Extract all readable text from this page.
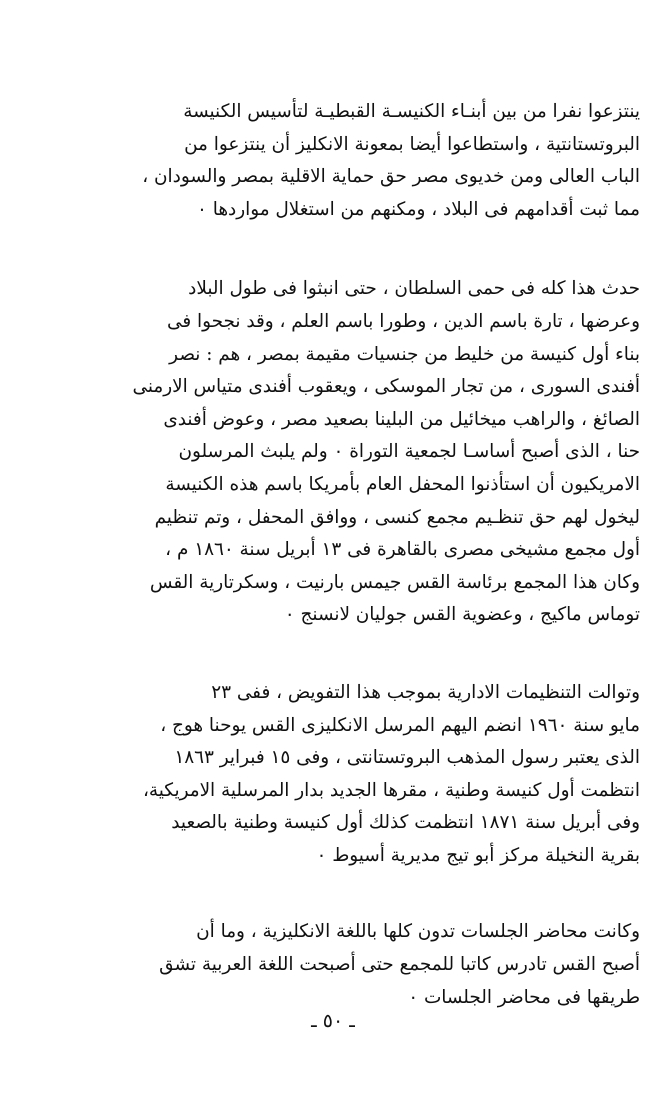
ينتزعوا نفرا من بين أبنـاء الكنيسـة القبطيـة لتأسيس الكنيسة
البروتستانتية ، واستطاعوا أيضا بمعونة الانكليز أن ينتزعوا من
الباب العالى ومن خديوى مصر حق حماية الاقلية بمصر والسودان ،
مما ثبت أقدامهم فى البلاد ، ومكنهم من استغلال مواردها ٠
حدث هذا كله فى حمى السلطان ، حتى انبثوا فى طول البلاد
وعرضها ، تارة باسم الدين ، وطورا باسم العلم ، وقد نجحوا فى
بناء أول كنيسة من خليط من جنسيات مقيمة بمصر ، هم : نصر
أفندى السورى ، من تجار الموسكى ، ويعقوب أفندى متياس الارمنى
الصائغ ، والراهب ميخائيل من البلينا بصعيد مصر ، وعوض أفندى
حنا ، الذى أصبح أساسـا لجمعية التوراة ٠ ولم يلبث المرسلون
الامريكيون أن استأذنوا المحفل العام بأمريكا باسم هذه الكنيسة
ليخول لهم حق تنظـيم مجمع كنسى ، ووافق المحفل ، وتم تنظيم
أول مجمع مشيخى مصرى بالقاهرة فى ١٣ أبريل سنة ١٨٦٠ م ،
وكان هذا المجمع برئاسة القس جيمس بارنيت ، وسكرتارية القس
توماس ماكيج ، وعضوية القس جوليان لانسنج ٠
وتوالت التنظيمات الادارية بموجب هذا التفويض ، ففى ٢٣
مايو سنة ١٩٦٠ انضم اليهم المرسل الانكليزى القس يوحنا هوج ،
الذى يعتبر رسول المذهب البروتستانتى ، وفى ١٥ فبراير ١٨٦٣
انتظمت أول كنيسة وطنية ، مقرها الجديد بدار المرسلية الامريكية،
وفى أبريل سنة ١٨٧١ انتظمت كذلك أول كنيسة وطنية بالصعيد
بقرية النخيلة مركز أبو تيج مديرية أسيوط ٠
وكانت محاضر الجلسات تدون كلها باللغة الانكليزية ، وما أن
أصبح القس تادرس كاتبا للمجمع حتى أصبحت اللغة العربية تشق
طريقها فى محاضر الجلسات ٠
ـ ٥٠ ـ
